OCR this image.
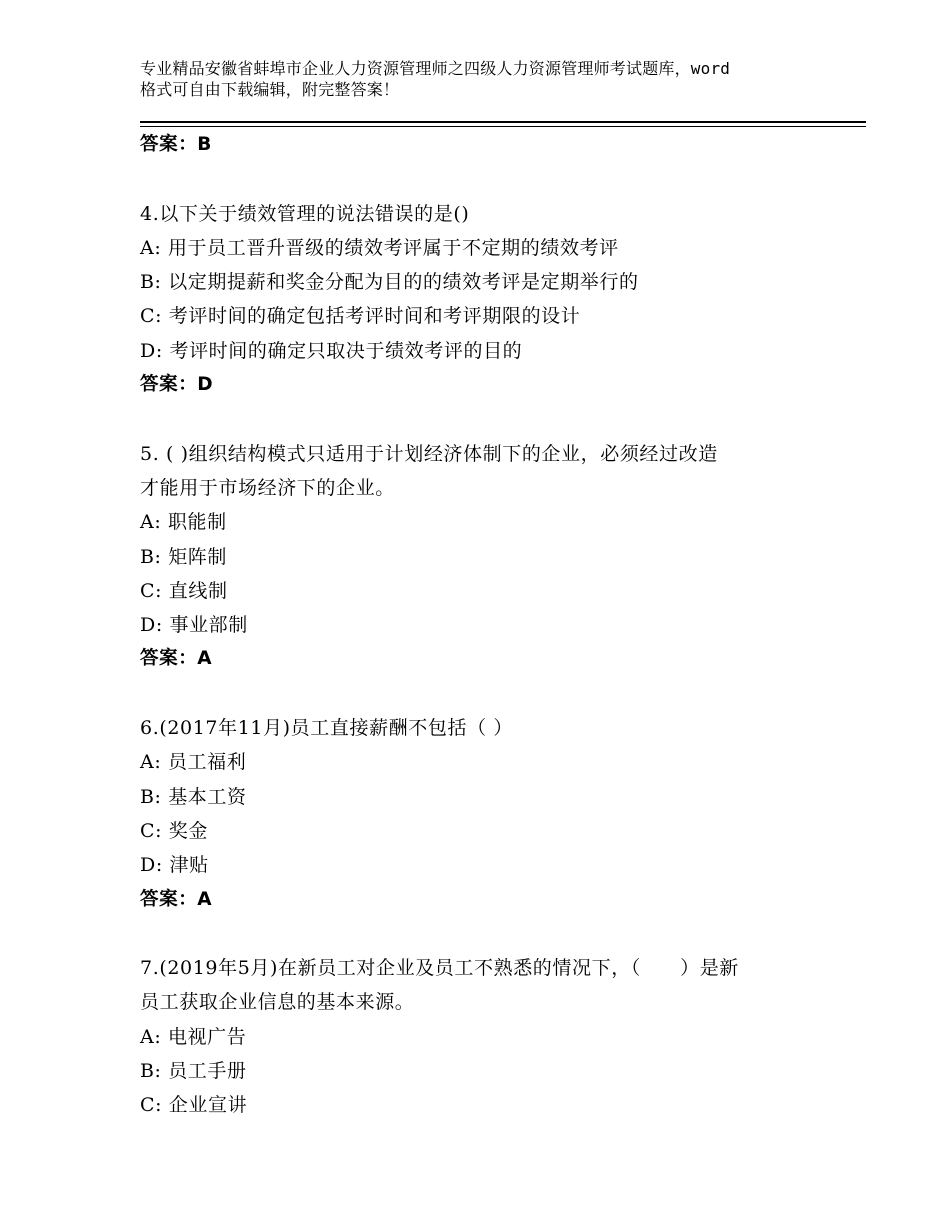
专业精品安徽省蚌埠市企业人力资源管理师之四级人力资源管理师考试题库，word
格式可自由下载编辑，附完整答案！
答案：B
4.以下关于绩效管理的说法错误的是()
A: 用于员工晋升晋级的绩效考评属于不定期的绩效考评
B: 以定期提薪和奖金分配为目的的绩效考评是定期举行的
C: 考评时间的确定包括考评时间和考评期限的设计
D: 考评时间的确定只取决于绩效考评的目的
答案：D
5. ( )组织结构模式只适用于计划经济体制下的企业，必须经过改造
才能用于市场经济下的企业。
A: 职能制
B: 矩阵制
C: 直线制
D: 事业部制
答案：A
6.(2017年11月)员工直接薪酬不包括（ ）
A: 员工福利
B: 基本工资
C: 奖金
D: 津贴
答案：A
7.(2019年5月)在新员工对企业及员工不熟悉的情况下，（　　）是新
员工获取企业信息的基本来源。
A: 电视广告
B: 员工手册
C: 企业宣讲
